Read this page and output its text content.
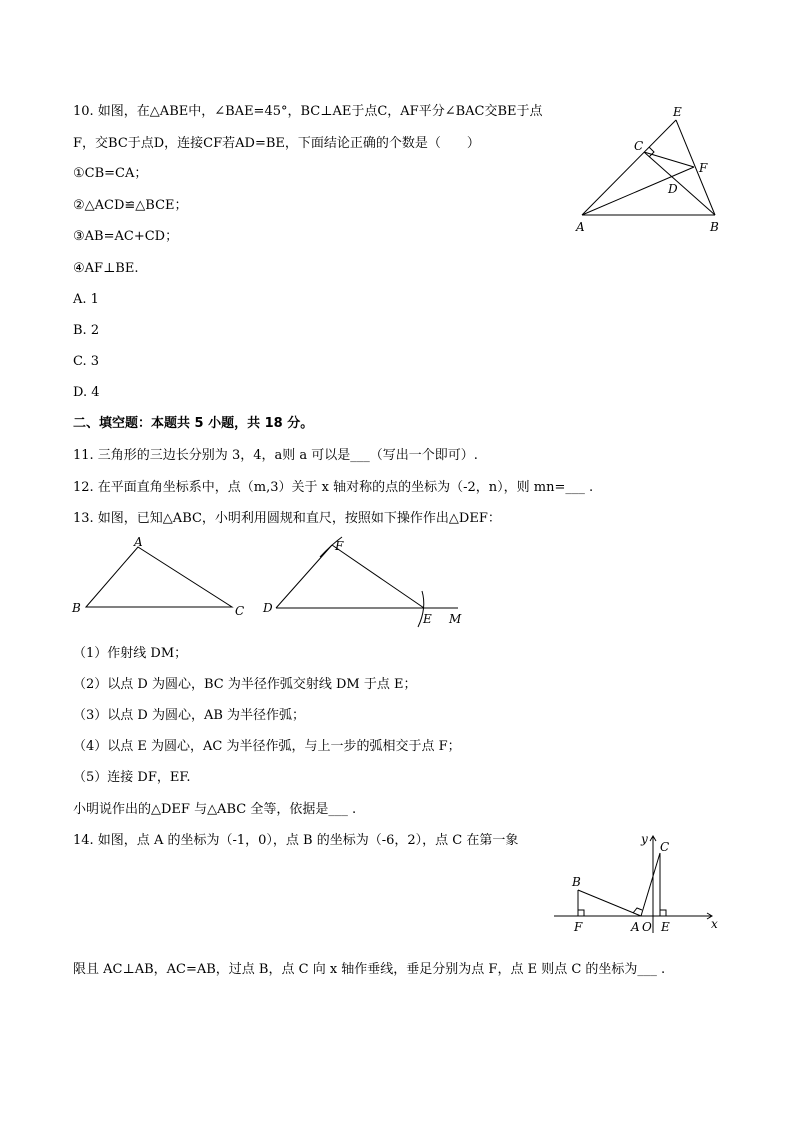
10. 如图，在△ABE中，∠BAE=45°，BC⊥AE于点C，AF平分∠BAC交BE于点
F，交BC于点D，连接CF若AD=BE，下面结论正确的个数是（　　）
①CB=CA；
②△ACD≌△BCE；
③AB=AC+CD；
④AF⊥BE.
A. 1
B. 2
C. 3
D. 4
E
C
F
D
A	B
二、填空题：本题共 5 小题，共 18 分。
11. 三角形的三边长分别为 3，4，a则 a 可以是___（写出一个即可）.
12. 在平面直角坐标系中，点（m,3）关于 x 轴对称的点的坐标为（-2，n），则 mn=___ .
13. 如图，已知△ABC，小明利用圆规和直尺，按照如下操作作出△DEF：
A
B	C
F
D
E M
（1）作射线 DM；
（2）以点 D 为圆心，BC 为半径作弧交射线 DM 于点 E；
（3）以点 D 为圆心，AB 为半径作弧；
（4）以点 E 为圆心，AC 为半径作弧，与上一步的弧相交于点 F；
（5）连接 DF，EF.
小明说作出的△DEF 与△ABC 全等，依据是___ .
14. 如图，点 A 的坐标为（-1，0），点 B 的坐标为（-6，2），点 C 在第一象	y
C
B
F	A O E	x
限且 AC⊥AB，AC=AB，过点 B，点 C 向 x 轴作垂线，垂足分别为点 F，点 E 则点 C 的坐标为___ .
